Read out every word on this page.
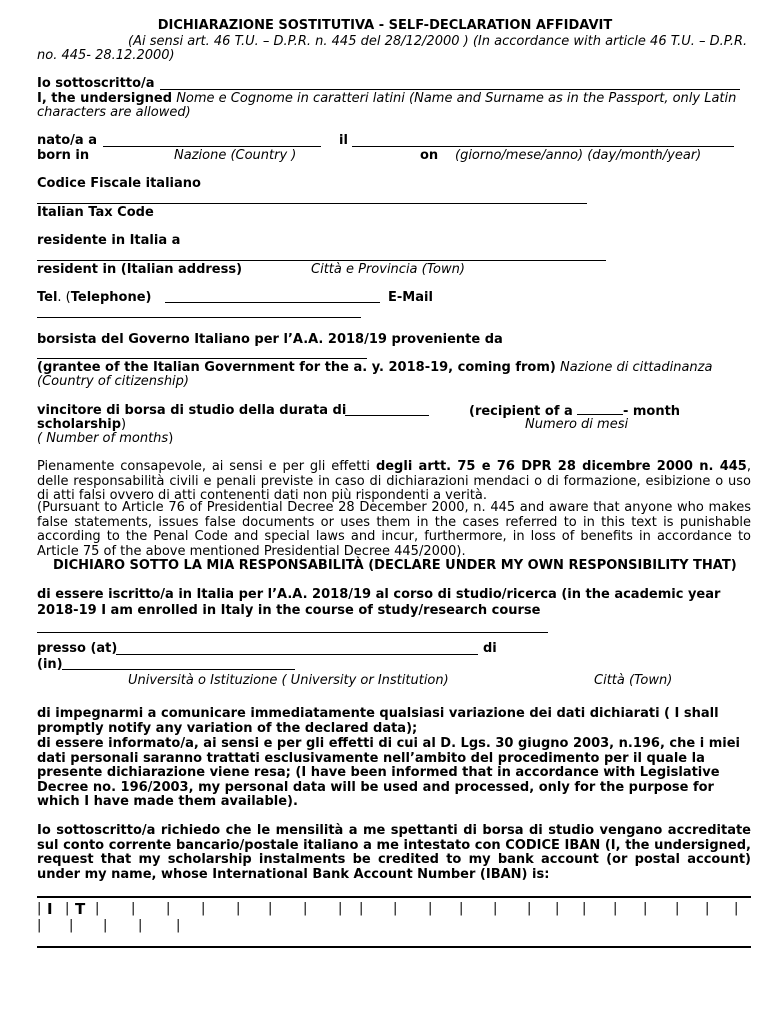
DICHIARAZIONE SOSTITUTIVA - SELF-DECLARATION AFFIDAVIT
(Ai sensi art. 46 T.U. – D.P.R. n. 445 del 28/12/2000 ) (In accordance with article 46 T.U. – D.P.R.
no. 445- 28.12.2000)
Io sottoscritto/a
I, the undersigned Nome e Cognome in caratteri latini (Name and Surname as in the Passport, only Latin
characters are allowed)
nato/a a	il
born in	Nazione (Country )	on (giorno/mese/anno) (day/month/year)
Codice Fiscale italiano
Italian Tax Code
residente in Italia a
resident in (Italian address)	Città e Provincia (Town)
Tel. (Telephone)	E-Mail
borsista del Governo Italiano per l’A.A. 2018/19 proveniente da
(grantee of the Italian Government for the a. y. 2018-19, coming from) Nazione di cittadinanza
(Country of citizenship)
vincitore di borsa di studio della durata di	(recipient of a	- month
scholarship)	Numero di mesi
( Number of months)
Pienamente consapevole, ai sensi e per gli effetti degli artt. 75 e 76 DPR 28 dicembre 2000 n. 445, delle responsabilità civili e penali previste in caso di dichiarazioni mendaci o di formazione, esibizione o uso di atti falsi ovvero di atti contenenti dati non più rispondenti a verità.
(Pursuant to Article 76 of Presidential Decree 28 December 2000, n. 445 and aware that anyone who makes false statements, issues false documents or uses them in the cases referred to in this text is punishable according to the Penal Code and special laws and incur, furthermore, in loss of benefits in accordance to Article 75 of the above mentioned Presidential Decree 445/2000).
DICHIARO SOTTO LA MIA RESPONSABILITÀ (DECLARE UNDER MY OWN RESPONSIBILITY THAT)
di essere iscritto/a in Italia per l’A.A. 2018/19 al corso di studio/ricerca (in the academic year
2018-19 I am enrolled in Italy in the course of study/research course
presso (at)	di
(in)
Università o Istituzione ( University or Institution)	Città (Town)
di impegnarmi a comunicare immediatamente qualsiasi variazione dei dati dichiarati ( I shall promptly notify any variation of the declared data);
di essere informato/a, ai sensi e per gli effetti di cui al D. Lgs. 30 giugno 2003, n.196, che i miei dati personali saranno trattati esclusivamente nell’ambito del procedimento per il quale la presente dichiarazione viene resa; (I have been informed that in accordance with Legislative Decree no. 196/2003, my personal data will be used and processed, only for the purpose for which I have made them available).
Io sottoscritto/a richiedo che le mensilità a me spettanti di borsa di studio vengano accreditate sul conto corrente bancario/postale italiano a me intestato con CODICE IBAN (I, the undersigned, request that my scholarship instalments be credited to my bank account (or postal account) under my name, whose International Bank Account Number (IBAN) is:
| I | T | | | | | | | | | | | | | | | | | | | | |
| | | |	|
